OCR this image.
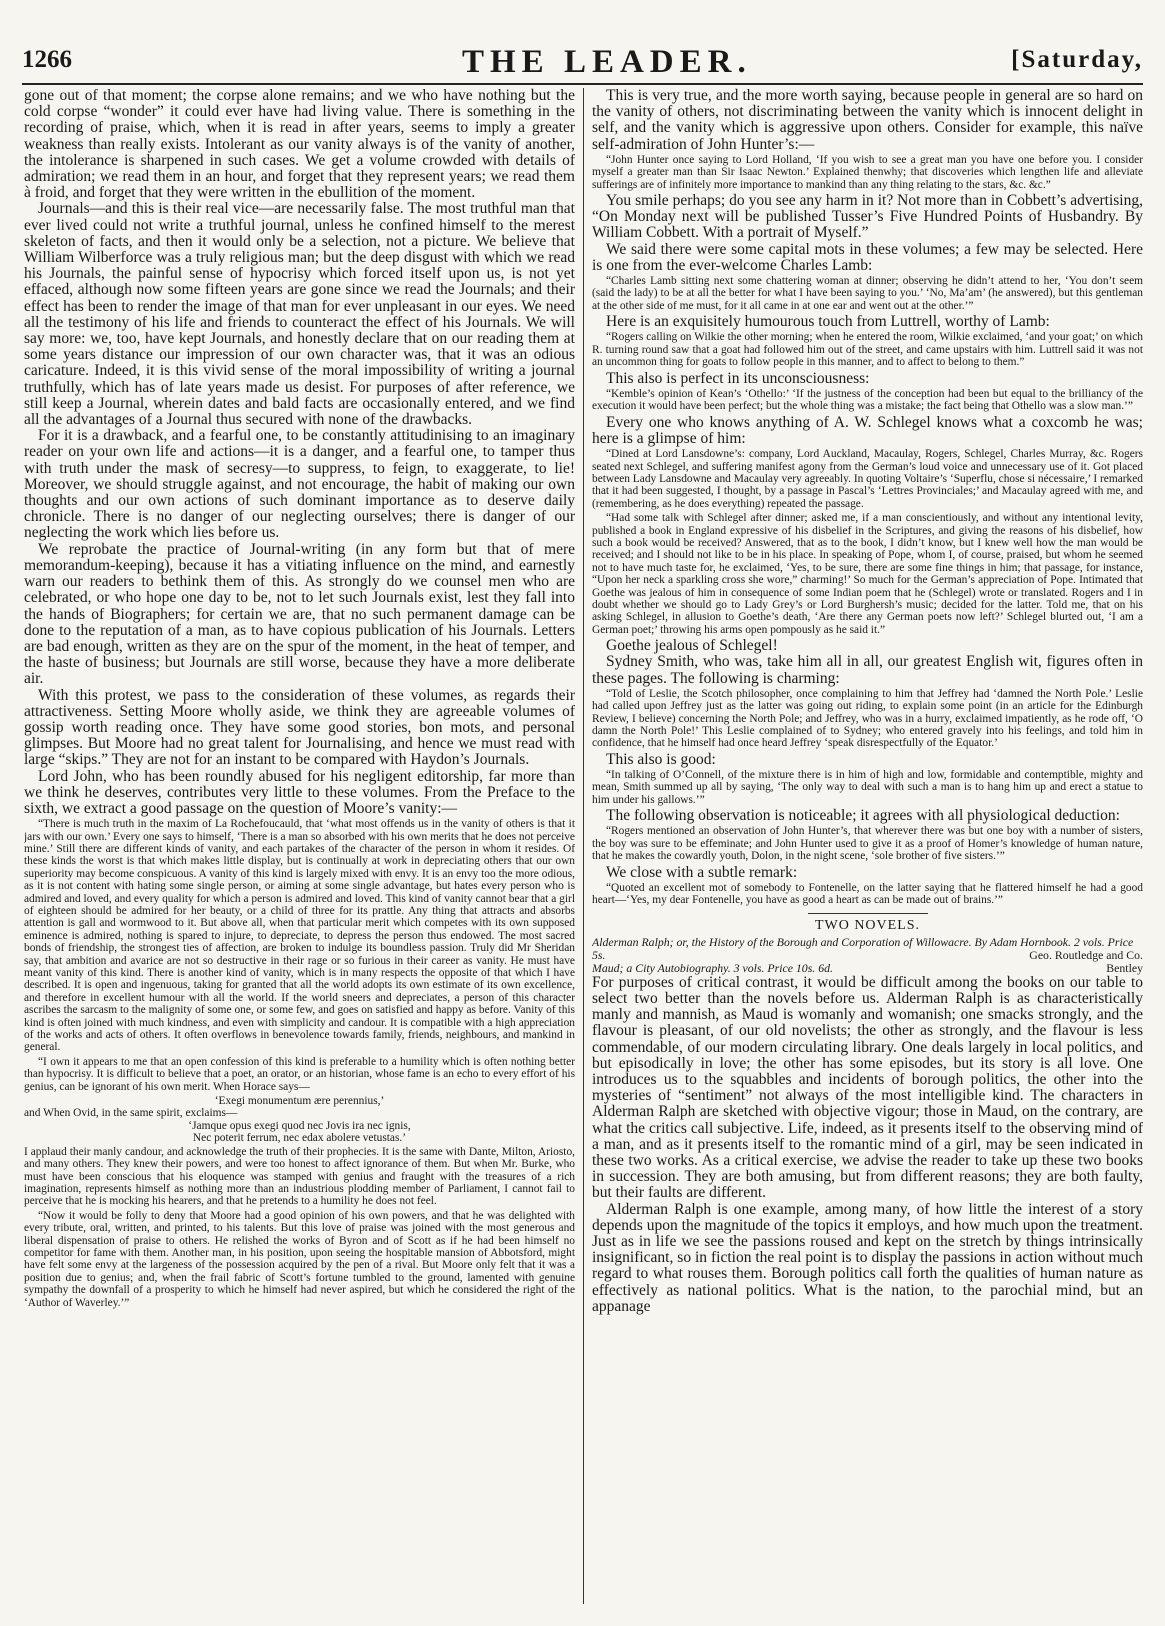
1266	THE LEADER.	[Saturday,

gone out of that moment; the corpse alone remains; and we who have nothing but the cold corpse “wonder” it could ever have had living value. There is something in the recording of praise, which, when it is read in after years, seems to imply a greater weakness than really exists. Intolerant as our vanity always is of the vanity of another, the intolerance is sharpened in such cases. We get a volume crowded with details of admiration; we read them in an hour, and forget that they represent years; we read them à froid, and forget that they were written in the ebullition of the moment.

Journals—and this is their real vice—are necessarily false. The most truthful man that ever lived could not write a truthful journal, unless he confined himself to the merest skeleton of facts, and then it would only be a selection, not a picture. We believe that William Wilberforce was a truly religious man; but the deep disgust with which we read his Journals, the painful sense of hypocrisy which forced itself upon us, is not yet effaced, although now some fifteen years are gone since we read the Journals; and their effect has been to render the image of that man for ever unpleasant in our eyes. We need all the testimony of his life and friends to counteract the effect of his Journals. We will say more: we, too, have kept Journals, and honestly declare that on our reading them at some years distance our impression of our own character was, that it was an odious caricature. Indeed, it is this vivid sense of the moral impossibility of writing a journal truthfully, which has of late years made us desist. For purposes of after reference, we still keep a Journal, wherein dates and bald facts are occasionally entered, and we find all the advantages of a Journal thus secured with none of the drawbacks.

For it is a drawback, and a fearful one, to be constantly attitudinising to an imaginary reader on your own life and actions—it is a danger, and a fearful one, to tamper thus with truth under the mask of secresy—to suppress, to feign, to exaggerate, to lie! Moreover, we should struggle against, and not encourage, the habit of making our own thoughts and our own actions of such dominant importance as to deserve daily chronicle. There is no danger of our neglecting ourselves; there is danger of our neglecting the work which lies before us.

We reprobate the practice of Journal-writing (in any form but that of mere memorandum-keeping), because it has a vitiating influence on the mind, and earnestly warn our readers to bethink them of this. As strongly do we counsel men who are celebrated, or who hope one day to be, not to let such Journals exist, lest they fall into the hands of Biographers; for certain we are, that no such permanent damage can be done to the reputation of a man, as to have copious publication of his Journals. Letters are bad enough, written as they are on the spur of the moment, in the heat of temper, and the haste of business; but Journals are still worse, because they have a more deliberate air.

With this protest, we pass to the consideration of these volumes, as regards their attractiveness. Setting Moore wholly aside, we think they are agreeable volumes of gossip worth reading once. They have some good stories, bon mots, and personal glimpses. But Moore had no great talent for Journalising, and hence we must read with large “skips.” They are not for an instant to be compared with Haydon’s Journals.

Lord John, who has been roundly abused for his negligent editorship, far more than we think he deserves, contributes very little to these volumes. From the Preface to the sixth, we extract a good passage on the question of Moore’s vanity:—

“There is much truth in the maxim of La Rochefoucauld, that ‘what most offends us in the vanity of others is that it jars with our own.’ Every one says to himself, ‘There is a man so absorbed with his own merits that he does not perceive mine.’ Still there are different kinds of vanity, and each partakes of the character of the person in whom it resides. Of these kinds the worst is that which makes little display, but is continually at work in depreciating others that our own superiority may become conspicuous. A vanity of this kind is largely mixed with envy. It is an envy too the more odious, as it is not content with hating some single person, or aiming at some single advantage, but hates every person who is admired and loved, and every quality for which a person is admired and loved. This kind of vanity cannot bear that a girl of eighteen should be admired for her beauty, or a child of three for its prattle. Any thing that attracts and absorbs attention is gall and wormwood to it. But above all, when that particular merit which competes with its own supposed eminence is admired, nothing is spared to injure, to depreciate, to depress the person thus endowed. The most sacred bonds of friendship, the strongest ties of affection, are broken to indulge its boundless passion. Truly did Mr Sheridan say, that ambition and avarice are not so destructive in their rage or so furious in their career as vanity. He must have meant vanity of this kind. There is another kind of vanity, which is in many respects the opposite of that which I have described. It is open and ingenuous, taking for granted that all the world adopts its own estimate of its own excellence, and therefore in excellent humour with all the world. If the world sneers and depreciates, a person of this character ascribes the sarcasm to the malignity of some one, or some few, and goes on satisfied and happy as before. Vanity of this kind is often joined with much kindness, and even with simplicity and candour. It is compatible with a high appreciation of the works and acts of others. It often overflows in benevolence towards family, friends, neighbours, and mankind in general.

“I own it appears to me that an open confession of this kind is preferable to a humility which is often nothing better than hypocrisy. It is difficult to believe that a poet, an orator, or an historian, whose fame is an echo to every effort of his genius, can be ignorant of his own merit. When Horace says—

‘Exegi monumentum ære perennius,’

and When Ovid, in the same spirit, exclaims—

‘Jamque opus exegi quod nec Jovis ira nec ignis,

Nec poterit ferrum, nec edax abolere vetustas.’

I applaud their manly candour, and acknowledge the truth of their prophecies. It is the same with Dante, Milton, Ariosto, and many others. They knew their powers, and were too honest to affect ignorance of them. But when Mr. Burke, who must have been conscious that his eloquence was stamped with genius and fraught with the treasures of a rich imagination, represents himself as nothing more than an industrious plodding member of Parliament, I cannot fail to perceive that he is mocking his hearers, and that he pretends to a humility he does not feel.

“Now it would be folly to deny that Moore had a good opinion of his own powers, and that he was delighted with every tribute, oral, written, and printed, to his talents. But this love of praise was joined with the most generous and liberal dispensation of praise to others. He relished the works of Byron and of Scott as if he had been himself no competitor for fame with them. Another man, in his position, upon seeing the hospitable mansion of Abbotsford, might have felt some envy at the largeness of the possession acquired by the pen of a rival. But Moore only felt that it was a position due to genius; and, when the frail fabric of Scott’s fortune tumbled to the ground, lamented with genuine sympathy the downfall of a prosperity to which he himself had never aspired, but which he considered the right of the ‘Author of Waverley.’”

This is very true, and the more worth saying, because people in general are so hard on the vanity of others, not discriminating between the vanity which is innocent delight in self, and the vanity which is aggressive upon others. Consider for example, this naïve self-admiration of John Hunter’s:—

“John Hunter once saying to Lord Holland, ‘If you wish to see a great man you have one before you. I consider myself a greater man than Sir Isaac Newton.’ Explained thenwhy; that discoveries which lengthen life and alleviate sufferings are of infinitely more importance to mankind than any thing relating to the stars, &c. &c.”

You smile perhaps; do you see any harm in it? Not more than in Cobbett’s advertising, “On Monday next will be published Tusser’s Five Hundred Points of Husbandry. By William Cobbett. With a portrait of Myself.”

We said there were some capital mots in these volumes; a few may be selected. Here is one from the ever-welcome Charles Lamb:

“Charles Lamb sitting next some chattering woman at dinner; observing he didn’t attend to her, ‘You don’t seem (said the lady) to be at all the better for what I have been saying to you.’ ‘No, Ma’am’ (he answered), but this gentleman at the other side of me must, for it all came in at one ear and went out at the other.’”

Here is an exquisitely humourous touch from Luttrell, worthy of Lamb:

“Rogers calling on Wilkie the other morning; when he entered the room, Wilkie exclaimed, ‘and your goat;’ on which R. turning round saw that a goat had followed him out of the street, and came upstairs with him. Luttrell said it was not an uncommon thing for goats to follow people in this manner, and to affect to belong to them.”

This also is perfect in its unconsciousness:

“Kemble’s opinion of Kean’s ‘Othello:’ ‘If the justness of the conception had been but equal to the brilliancy of the execution it would have been perfect; but the whole thing was a mistake; the fact being that Othello was a slow man.’”

Every one who knows anything of A. W. Schlegel knows what a coxcomb he was; here is a glimpse of him:

“Dined at Lord Lansdowne’s: company, Lord Auckland, Macaulay, Rogers, Schlegel, Charles Murray, &c. Rogers seated next Schlegel, and suffering manifest agony from the German’s loud voice and unnecessary use of it. Got placed between Lady Lansdowne and Macaulay very agreeably. In quoting Voltaire’s ‘Superflu, chose si nécessaire,’ I remarked that it had been suggested, I thought, by a passage in Pascal’s ‘Lettres Provinciales;’ and Macaulay agreed with me, and (remembering, as he does everything) repeated the passage.

“Had some talk with Schlegel after dinner; asked me, if a man conscientiously, and without any intentional levity, published a book in England expressive of his disbelief in the Scriptures, and giving the reasons of his disbelief, how such a book would be received? Answered, that as to the book, I didn’t know, but I knew well how the man would be received; and I should not like to be in his place. In speaking of Pope, whom I, of course, praised, but whom he seemed not to have much taste for, he exclaimed, ‘Yes, to be sure, there are some fine things in him; that passage, for instance, “Upon her neck a sparkling cross she wore,” charming!’ So much for the German’s appreciation of Pope. Intimated that Goethe was jealous of him in consequence of some Indian poem that he (Schlegel) wrote or translated. Rogers and I in doubt whether we should go to Lady Grey’s or Lord Burghersh’s music; decided for the latter. Told me, that on his asking Schlegel, in allusion to Goethe’s death, ‘Are there any German poets now left?’ Schlegel blurted out, ‘I am a German poet;’ throwing his arms open pompously as he said it.”

Goethe jealous of Schlegel!

Sydney Smith, who was, take him all in all, our greatest English wit, figures often in these pages. The following is charming:

“Told of Leslie, the Scotch philosopher, once complaining to him that Jeffrey had ‘damned the North Pole.’ Leslie had called upon Jeffrey just as the latter was going out riding, to explain some point (in an article for the Edinburgh Review, I believe) concerning the North Pole; and Jeffrey, who was in a hurry, exclaimed impatiently, as he rode off, ‘O damn the North Pole!’ This Leslie complained of to Sydney; who entered gravely into his feelings, and told him in confidence, that he himself had once heard Jeffrey ‘speak disrespectfully of the Equator.’

This also is good:

“In talking of O’Connell, of the mixture there is in him of high and low, formidable and contemptible, mighty and mean, Smith summed up all by saying, ‘The only way to deal with such a man is to hang him up and erect a statue to him under his gallows.’”

The following observation is noticeable; it agrees with all physiological deduction:

“Rogers mentioned an observation of John Hunter’s, that wherever there was but one boy with a number of sisters, the boy was sure to be effeminate; and John Hunter used to give it as a proof of Homer’s knowledge of human nature, that he makes the cowardly youth, Dolon, in the night scene, ‘sole brother of five sisters.’”

We close with a subtle remark:

“Quoted an excellent mot of somebody to Fontenelle, on the latter saying that he flattered himself he had a good heart—‘Yes, my dear Fontenelle, you have as good a heart as can be made out of brains.’”

TWO NOVELS.
Alderman Ralph; or, the History of the Borough and Corporation of Willowacre. By Adam Hornbook. 2 vols. Price 5s.	Geo. Routledge and Co.
Maud; a City Autobiography. 3 vols. Price 10s. 6d.	Bentley

For purposes of critical contrast, it would be difficult among the books on our table to select two better than the novels before us. Alderman Ralph is as characteristically manly and mannish, as Maud is womanly and womanish; one smacks strongly, and the flavour is pleasant, of our old novelists; the other as strongly, and the flavour is less commendable, of our modern circulating library. One deals largely in local politics, and but episodically in love; the other has some episodes, but its story is all love. One introduces us to the squabbles and incidents of borough politics, the other into the mysteries of “sentiment” not always of the most intelligible kind. The characters in Alderman Ralph are sketched with objective vigour; those in Maud, on the contrary, are what the critics call subjective. Life, indeed, as it presents itself to the observing mind of a man, and as it presents itself to the romantic mind of a girl, may be seen indicated in these two works. As a critical exercise, we advise the reader to take up these two books in succession. They are both amusing, but from different reasons; they are both faulty, but their faults are different.

Alderman Ralph is one example, among many, of how little the interest of a story depends upon the magnitude of the topics it employs, and how much upon the treatment. Just as in life we see the passions roused and kept on the stretch by things intrinsically insignificant, so in fiction the real point is to display the passions in action without much regard to what rouses them. Borough politics call forth the qualities of human nature as effectively as national politics. What is the nation, to the parochial mind, but an appanage
